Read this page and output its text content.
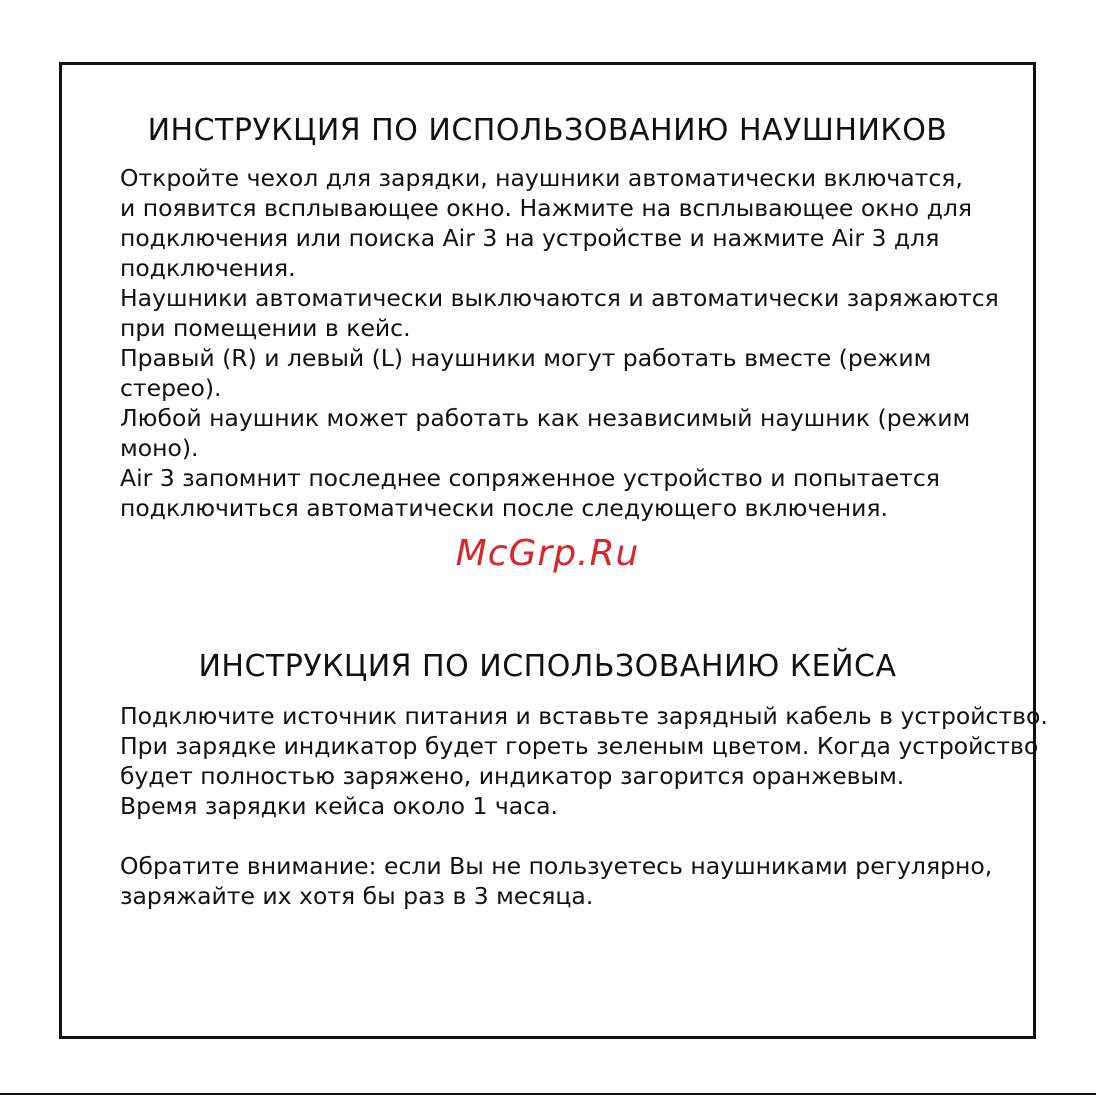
ИНСТРУКЦИЯ ПО ИСПОЛЬЗОВАНИЮ НАУШНИКОВ
Откройте чехол для зарядки, наушники автоматически включатся,
и появится всплывающее окно. Нажмите на всплывающее окно для
подключения или поиска Air 3 на устройстве и нажмите Air 3 для
подключения.
Наушники автоматически выключаются и автоматически заряжаются
при помещении в кейс.
Правый (R) и левый (L) наушники могут работать вместе (режим
стерео).
Любой наушник может работать как независимый наушник (режим
моно).
Air 3 запомнит последнее сопряженное устройство и попытается
подключиться автоматически после следующего включения.
McGrp.Ru
ИНСТРУКЦИЯ ПО ИСПОЛЬЗОВАНИЮ КЕЙСА
Подключите источник питания и вставьте зарядный кабель в устройство.
При зарядке индикатор будет гореть зеленым цветом. Когда устройство
будет полностью заряжено, индикатор загорится оранжевым.
Время зарядки кейса около 1 часа.
Обратите внимание: если Вы не пользуетесь наушниками регулярно,
заряжайте их хотя бы раз в 3 месяца.
